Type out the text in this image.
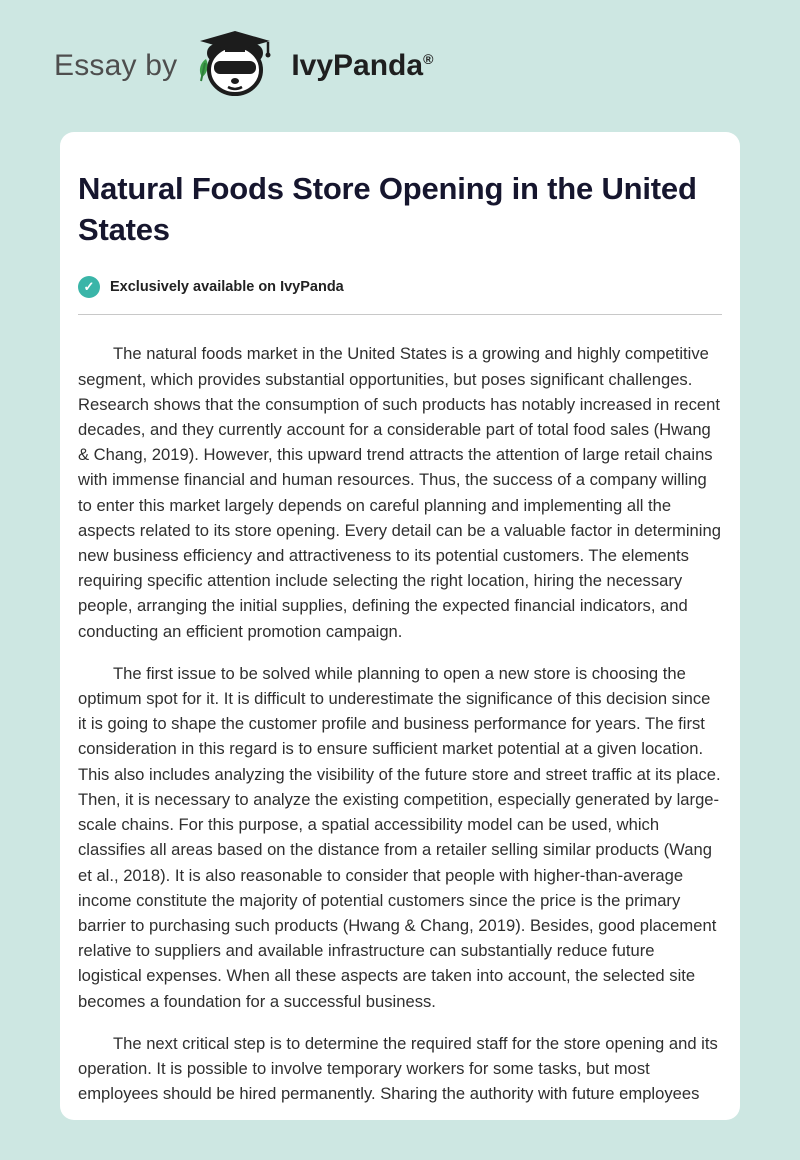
Essay by	IvyPanda ®
Natural Foods Store Opening in the United States
✓	Exclusively available on IvyPanda

The natural foods market in the United States is a growing and highly competitive segment, which provides substantial opportunities, but poses significant challenges. Research shows that the consumption of such products has notably increased in recent decades, and they currently account for a considerable part of total food sales (Hwang & Chang, 2019). However, this upward trend attracts the attention of large retail chains with immense financial and human resources. Thus, the success of a company willing to enter this market largely depends on careful planning and implementing all the aspects related to its store opening. Every detail can be a valuable factor in determining new business efficiency and attractiveness to its potential customers. The elements requiring specific attention include selecting the right location, hiring the necessary people, arranging the initial supplies, defining the expected financial indicators, and conducting an efficient promotion campaign.

The first issue to be solved while planning to open a new store is choosing the optimum spot for it. It is difficult to underestimate the significance of this decision since it is going to shape the customer profile and business performance for years. The first consideration in this regard is to ensure sufficient market potential at a given location. This also includes analyzing the visibility of the future store and street traffic at its place. Then, it is necessary to analyze the existing competition, especially generated by large-scale chains. For this purpose, a spatial accessibility model can be used, which classifies all areas based on the distance from a retailer selling similar products (Wang et al., 2018). It is also reasonable to consider that people with higher-than-average income constitute the majority of potential customers since the price is the primary barrier to purchasing such products (Hwang & Chang, 2019). Besides, good placement relative to suppliers and available infrastructure can substantially reduce future logistical expenses. When all these aspects are taken into account, the selected site becomes a foundation for a successful business.

The next critical step is to determine the required staff for the store opening and its operation. It is possible to involve temporary workers for some tasks, but most employees should be hired permanently. Sharing the authority with future employees
